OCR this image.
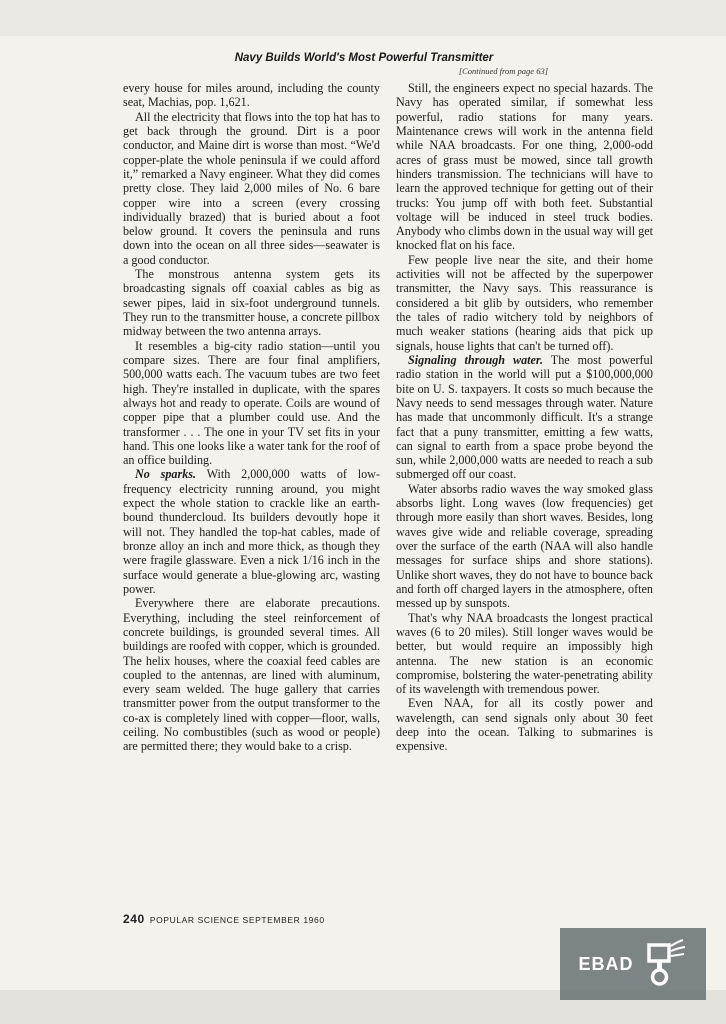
Navy Builds World's Most Powerful Transmitter

[Continued from page 63]

every house for miles around, including the county seat, Machias, pop. 1,621.

All the electricity that flows into the top hat has to get back through the ground. Dirt is a poor conductor, and Maine dirt is worse than most. “We'd copper-plate the whole peninsula if we could afford it,” remarked a Navy engineer. What they did comes pretty close. They laid 2,000 miles of No. 6 bare copper wire into a screen (every crossing individually brazed) that is buried about a foot below ground. It covers the peninsula and runs down into the ocean on all three sides—seawater is a good conductor.

The monstrous antenna system gets its broadcasting signals off coaxial cables as big as sewer pipes, laid in six-foot underground tunnels. They run to the transmitter house, a concrete pillbox midway between the two antenna arrays.

It resembles a big-city radio station—until you compare sizes. There are four final amplifiers, 500,000 watts each. The vacuum tubes are two feet high. They're installed in duplicate, with the spares always hot and ready to operate. Coils are wound of copper pipe that a plumber could use. And the transformer . . . The one in your TV set fits in your hand. This one looks like a water tank for the roof of an office building.

No sparks. With 2,000,000 watts of low-frequency electricity running around, you might expect the whole station to crackle like an earth-bound thundercloud. Its builders devoutly hope it will not. They handled the top-hat cables, made of bronze alloy an inch and more thick, as though they were fragile glassware. Even a nick 1/16 inch in the surface would generate a blue-glowing arc, wasting power.

Everywhere there are elaborate precautions. Everything, including the steel reinforcement of concrete buildings, is grounded several times. All buildings are roofed with copper, which is grounded. The helix houses, where the coaxial feed cables are coupled to the antennas, are lined with aluminum, every seam welded. The huge gallery that carries transmitter power from the output transformer to the co-ax is completely lined with copper—floor, walls, ceiling. No combustibles (such as wood or people) are permitted there; they would bake to a crisp.

Still, the engineers expect no special hazards. The Navy has operated similar, if somewhat less powerful, radio stations for many years. Maintenance crews will work in the antenna field while NAA broadcasts. For one thing, 2,000-odd acres of grass must be mowed, since tall growth hinders transmission. The technicians will have to learn the approved technique for getting out of their trucks: You jump off with both feet. Substantial voltage will be induced in steel truck bodies. Anybody who climbs down in the usual way will get knocked flat on his face.

Few people live near the site, and their home activities will not be affected by the superpower transmitter, the Navy says. This reassurance is considered a bit glib by outsiders, who remember the tales of radio witchery told by neighbors of much weaker stations (hearing aids that pick up signals, house lights that can't be turned off).

Signaling through water. The most powerful radio station in the world will put a $100,000,000 bite on U. S. taxpayers. It costs so much because the Navy needs to send messages through water. Nature has made that uncommonly difficult. It's a strange fact that a puny transmitter, emitting a few watts, can signal to earth from a space probe beyond the sun, while 2,000,000 watts are needed to reach a sub submerged off our coast.

Water absorbs radio waves the way smoked glass absorbs light. Long waves (low frequencies) get through more easily than short waves. Besides, long waves give wide and reliable coverage, spreading over the surface of the earth (NAA will also handle messages for surface ships and shore stations). Unlike short waves, they do not have to bounce back and forth off charged layers in the atmosphere, often messed up by sunspots.

That's why NAA broadcasts the longest practical waves (6 to 20 miles). Still longer waves would be better, but would require an impossibly high antenna. The new station is an economic compromise, bolstering the water-penetrating ability of its wavelength with tremendous power.

Even NAA, for all its costly power and wavelength, can send signals only about 30 feet deep into the ocean. Talking to submarines is expensive.

240 POPULAR SCIENCE SEPTEMBER 1960

EBAD
